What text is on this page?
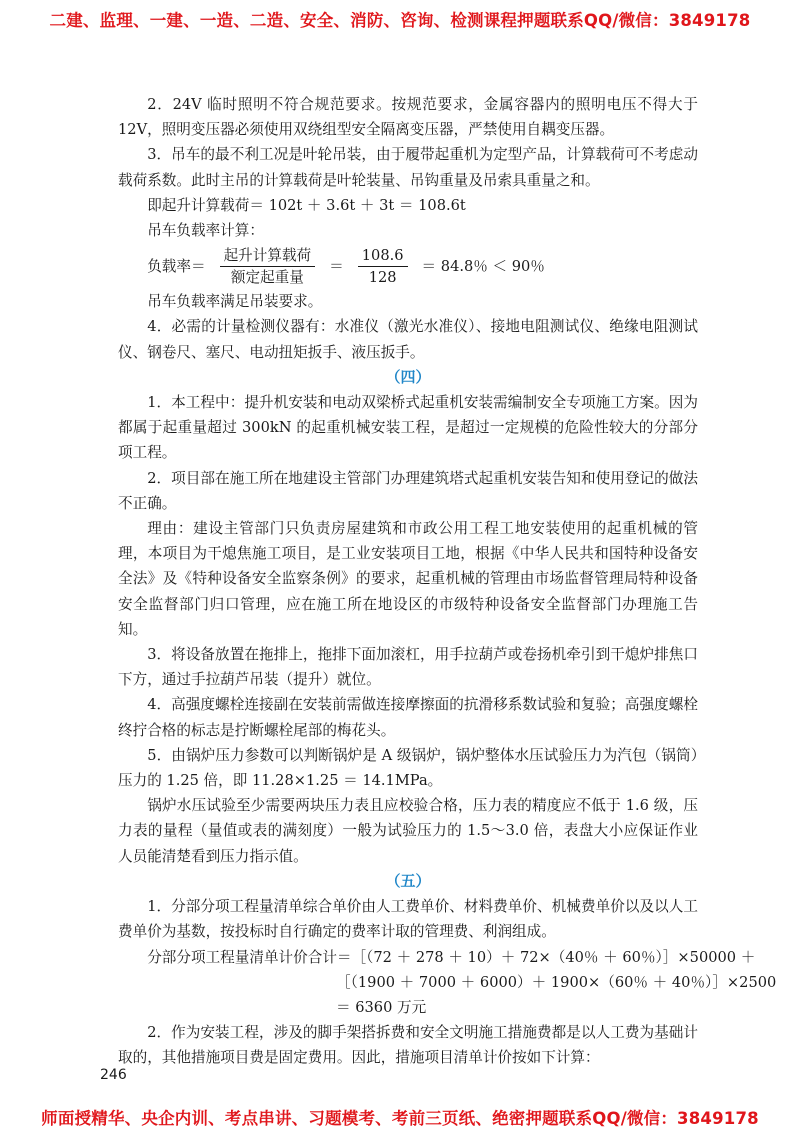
二建、监理、一建、一造、二造、安全、消防、咨询、检测课程押题联系QQ/微信：3849178

2．24V 临时照明不符合规范要求。按规范要求，金属容器内的照明电压不得大于 12V，照明变压器必须使用双绕组型安全隔离变压器，严禁使用自耦变压器。

3．吊车的最不利工况是叶轮吊装，由于履带起重机为定型产品，计算载荷可不考虑动载荷系数。此时主吊的计算载荷是叶轮装量、吊钩重量及吊索具重量之和。

即起升计算载荷＝ 102t ＋ 3.6t ＋ 3t ＝ 108.6t

吊车负载率计算：

负载率＝ $\frac{\text{起升计算载荷}}{\text{额定起重量}} = \frac{108.6}{128} = 84.8$％ ＜ 90％

吊车负载率满足吊装要求。

4．必需的计量检测仪器有：水准仪（激光水准仪）、接地电阻测试仪、绝缘电阻测试仪、钢卷尺、塞尺、电动扭矩扳手、液压扳手。

（四）

1．本工程中：提升机安装和电动双梁桥式起重机安装需编制安全专项施工方案。因为都属于起重量超过 300kN 的起重机械安装工程，是超过一定规模的危险性较大的分部分项工程。

2．项目部在施工所在地建设主管部门办理建筑塔式起重机安装告知和使用登记的做法不正确。

理由：建设主管部门只负责房屋建筑和市政公用工程工地安装使用的起重机械的管理，本项目为干熄焦施工项目，是工业安装项目工地，根据《中华人民共和国特种设备安全法》及《特种设备安全监察条例》的要求，起重机械的管理由市场监督管理局特种设备安全监督部门归口管理，应在施工所在地设区的市级特种设备安全监督部门办理施工告知。

3．将设备放置在拖排上，拖排下面加滚杠，用手拉葫芦或卷扬机牵引到干熄炉排焦口下方，通过手拉葫芦吊装（提升）就位。

4．高强度螺栓连接副在安装前需做连接摩擦面的抗滑移系数试验和复验；高强度螺栓终拧合格的标志是拧断螺栓尾部的梅花头。

5．由锅炉压力参数可以判断锅炉是 A 级锅炉，锅炉整体水压试验压力为汽包（锅筒）压力的 1.25 倍，即 11.28×1.25 ＝ 14.1MPa。

锅炉水压试验至少需要两块压力表且应校验合格，压力表的精度应不低于 1.6 级，压力表的量程（量值或表的满刻度）一般为试验压力的 1.5～3.0 倍，表盘大小应保证作业人员能清楚看到压力指示值。

（五）

1．分部分项工程量清单综合单价由人工费单价、材料费单价、机械费单价以及以人工费单价为基数，按投标时自行确定的费率计取的管理费、利润组成。

分部分项工程量清单计价合计＝［（72 ＋ 278 ＋ 10）＋ 72×（40％ ＋ 60％）］×50000 ＋

［（1900 ＋ 7000 ＋ 6000）＋ 1900×（60％ ＋ 40％）］×2500

＝ 6360 万元

2．作为安装工程，涉及的脚手架搭拆费和安全文明施工措施费都是以人工费为基础计取的，其他措施项目费是固定费用。因此，措施项目清单计价按如下计算：

246
师面授精华、央企内训、考点串讲、习题模考、考前三页纸、绝密押题联系QQ/微信：3849178
